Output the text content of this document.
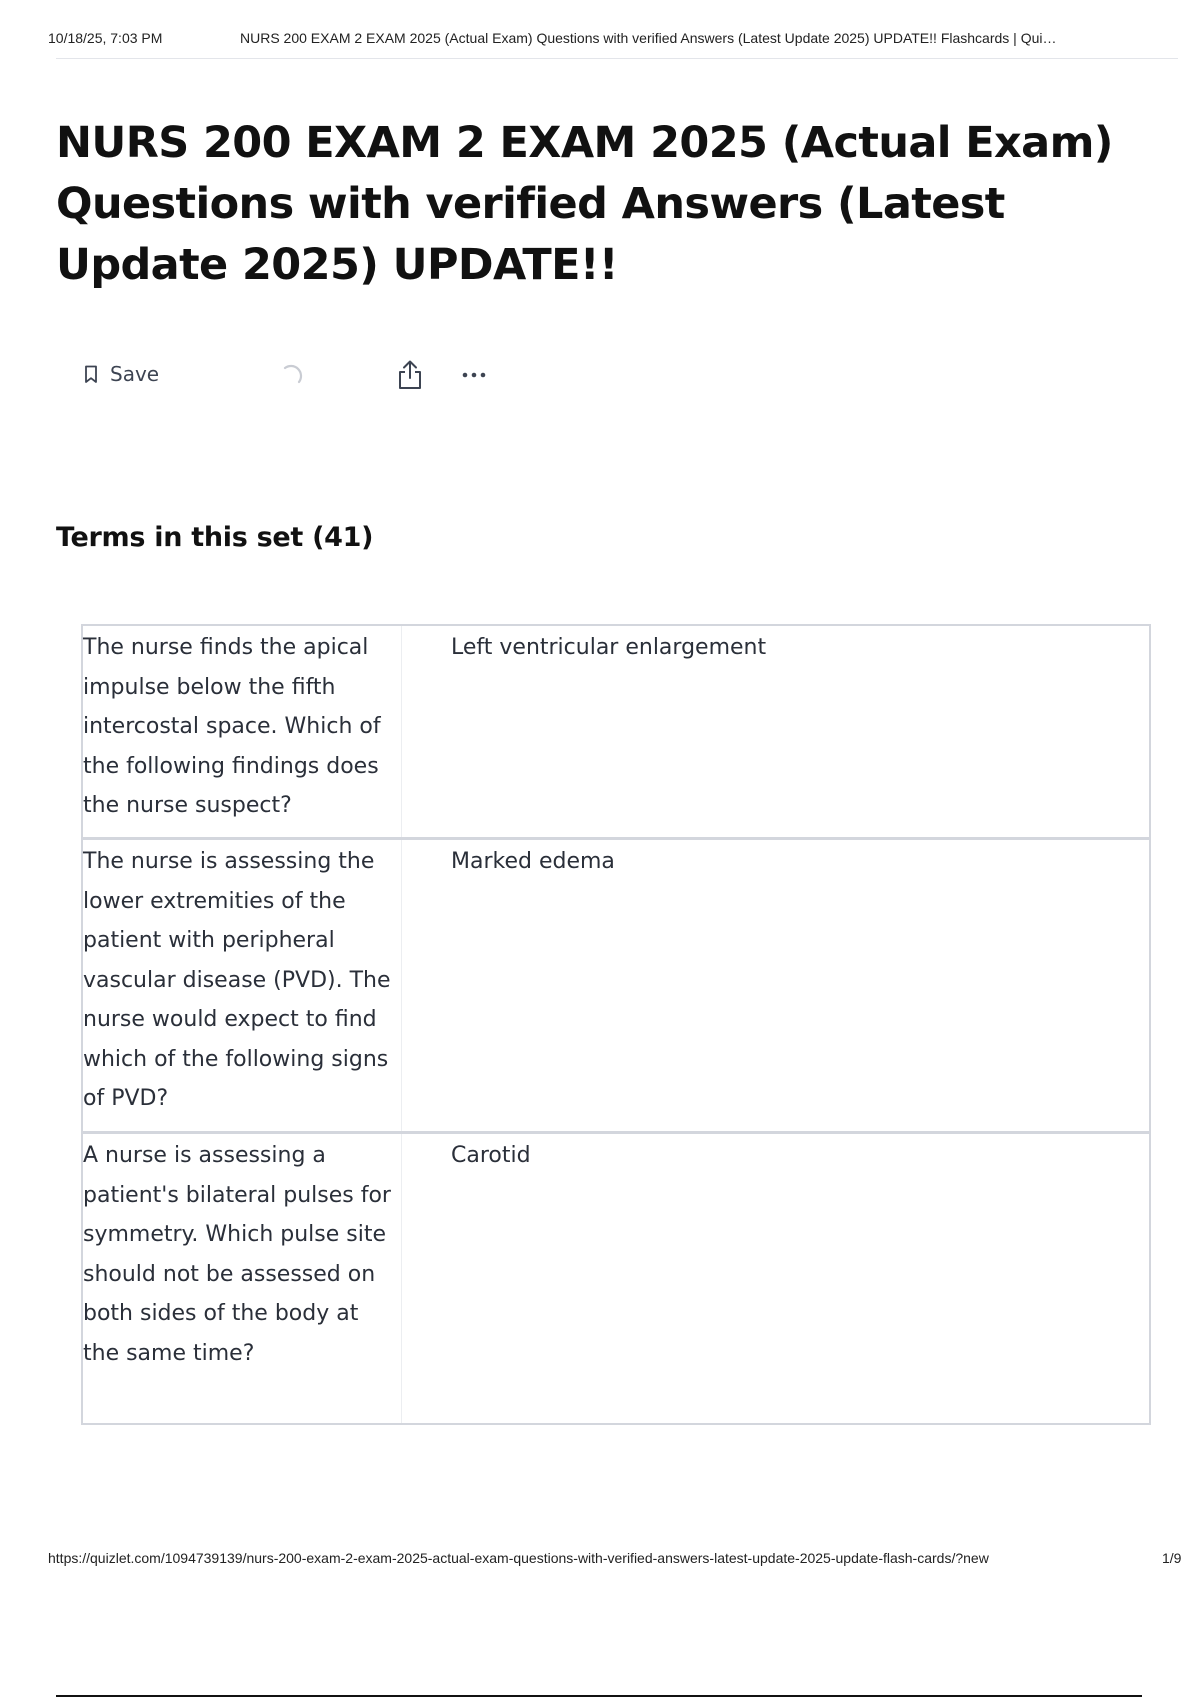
10/18/25, 7:03 PM	NURS 200 EXAM 2 EXAM 2025 (Actual Exam) Questions with verified Answers (Latest Update 2025) UPDATE!! Flashcards | Qui…
NURS 200 EXAM 2 EXAM 2025 (Actual Exam) Questions with verified Answers (Latest Update 2025) UPDATE!!
Save
Terms in this set (41)
The nurse finds the apical impulse below the fifth intercostal space. Which of the following findings does the nurse suspect?
Left ventricular enlargement
The nurse is assessing the lower extremities of the patient with peripheral vascular disease (PVD). The nurse would expect to find which of the following signs of PVD?
Marked edema
A nurse is assessing a patient's bilateral pulses for symmetry. Which pulse site should not be assessed on both sides of the body at the same time?
Carotid
https://quizlet.com/1094739139/nurs-200-exam-2-exam-2025-actual-exam-questions-with-verified-answers-latest-update-2025-update-flash-cards/?new	1/9
